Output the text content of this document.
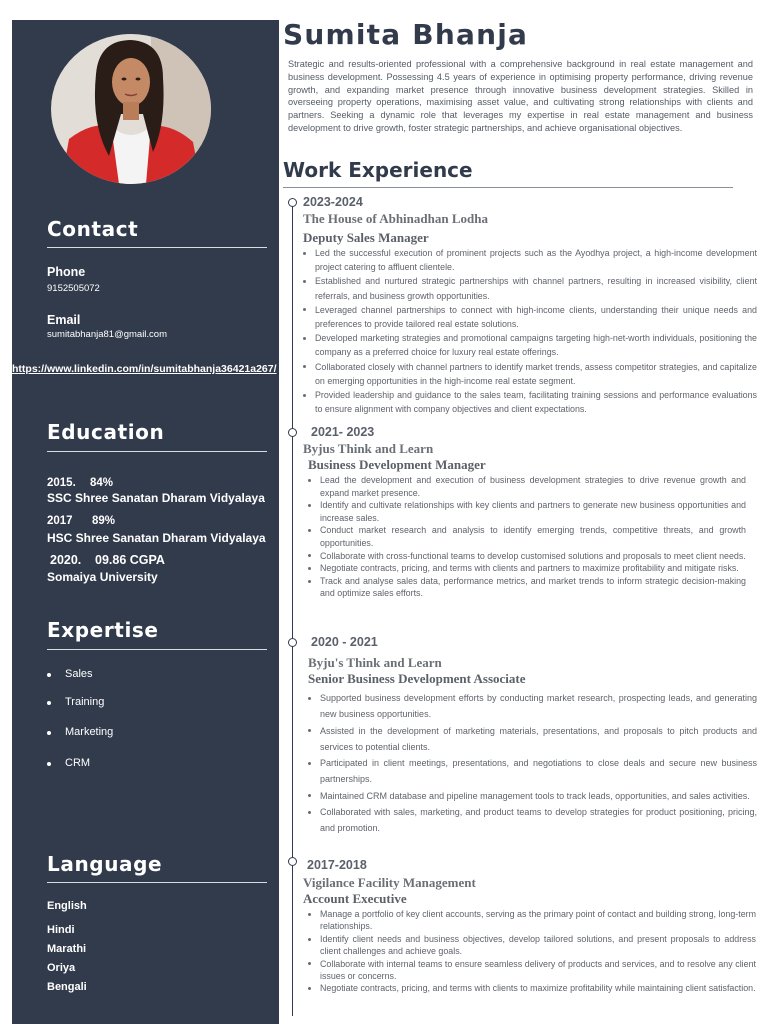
Contact
Phone
9152505072
Email
sumitabhanja81@gmail.com
https://www.linkedin.com/in/sumitabhanja36421a267/
Education
2015. 84%
SSC Shree Sanatan Dharam Vidyalaya
2017 89%
HSC Shree Sanatan Dharam Vidyalaya
2020. 09.86 CGPA
Somaiya University
Expertise
Sales
Training
Marketing
CRM
Language
English
Hindi
Marathi
Oriya
Bengali
Sumita Bhanja
Strategic and results-oriented professional with a comprehensive background in real estate management and business development. Possessing 4.5 years of experience in optimising property performance, driving revenue growth, and expanding market presence through innovative business development strategies. Skilled in overseeing property operations, maximising asset value, and cultivating strong relationships with clients and partners. Seeking a dynamic role that leverages my expertise in real estate management and business development to drive growth, foster strategic partnerships, and achieve organisational objectives.
Work Experience
2023-2024
The House of Abhinadhan Lodha
Deputy Sales Manager
Led the successful execution of prominent projects such as the Ayodhya project, a high-income development project catering to affluent clientele.
Established and nurtured strategic partnerships with channel partners, resulting in increased visibility, client referrals, and business growth opportunities.
Leveraged channel partnerships to connect with high-income clients, understanding their unique needs and preferences to provide tailored real estate solutions.
Developed marketing strategies and promotional campaigns targeting high-net-worth individuals, positioning the company as a preferred choice for luxury real estate offerings.
Collaborated closely with channel partners to identify market trends, assess competitor strategies, and capitalize on emerging opportunities in the high-income real estate segment.
Provided leadership and guidance to the sales team, facilitating training sessions and performance evaluations to ensure alignment with company objectives and client expectations.
2021- 2023
Byjus Think and Learn
Business Development Manager
Lead the development and execution of business development strategies to drive revenue growth and expand market presence.
Identify and cultivate relationships with key clients and partners to generate new business opportunities and increase sales.
Conduct market research and analysis to identify emerging trends, competitive threats, and growth opportunities.
Collaborate with cross-functional teams to develop customised solutions and proposals to meet client needs.
Negotiate contracts, pricing, and terms with clients and partners to maximize profitability and mitigate risks.
Track and analyse sales data, performance metrics, and market trends to inform strategic decision-making and optimize sales efforts.
2020 - 2021
Byju's Think and Learn
Senior Business Development Associate
Supported business development efforts by conducting market research, prospecting leads, and generating new business opportunities.
Assisted in the development of marketing materials, presentations, and proposals to pitch products and services to potential clients.
Participated in client meetings, presentations, and negotiations to close deals and secure new business partnerships.
Maintained CRM database and pipeline management tools to track leads, opportunities, and sales activities.
Collaborated with sales, marketing, and product teams to develop strategies for product positioning, pricing, and promotion.
2017-2018
Vigilance Facility Management
Account Executive
Manage a portfolio of key client accounts, serving as the primary point of contact and building strong, long-term relationships.
Identify client needs and business objectives, develop tailored solutions, and present proposals to address client challenges and achieve goals.
Collaborate with internal teams to ensure seamless delivery of products and services, and to resolve any client issues or concerns.
Negotiate contracts, pricing, and terms with clients to maximize profitability while maintaining client satisfaction.
